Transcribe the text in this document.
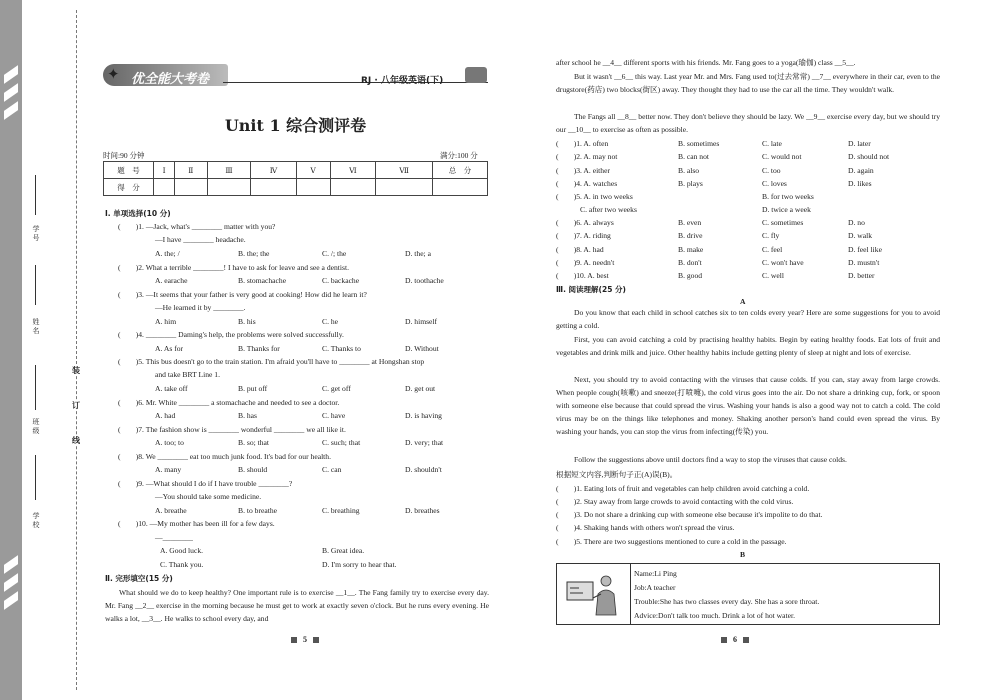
学号
姓名
班级
学校
装
订
线
✦ 优全能大考卷	RJ · 八年级英语(下)
Unit 1 综合测评卷
时间:90 分钟	满分:100 分
题　号	Ⅰ	Ⅱ	Ⅲ	Ⅳ	Ⅴ	Ⅵ	Ⅶ	总　分
得　分								
Ⅰ. 单项选择(10 分)
(　　)1. —Jack, what's ________ matter with you?
—I have ________ headache.
A. the; /	B. the; the	C. /; the	D. the; a
(　　)2. What a terrible ________! I have to ask for leave and see a dentist.
A. earache	B. stomachache	C. backache	D. toothache
(　　)3. —It seems that your father is very good at cooking! How did he learn it?
—He learned it by ________.
A. him	B. his	C. he	D. himself
(　　)4. ________ Daming's help, the problems were solved successfully.
A. As for	B. Thanks for	C. Thanks to	D. Without
(　　)5. This bus doesn't go to the train station. I'm afraid you'll have to ________ at Hongshan stop
and take BRT Line 1.
A. take off	B. put off	C. get off	D. get out
(　　)6. Mr. White ________ a stomachache and needed to see a doctor.
A. had	B. has	C. have	D. is having
(　　)7. The fashion show is ________ wonderful ________ we all like it.
A. too; to	B. so; that	C. such; that	D. very; that
(　　)8. We ________ eat too much junk food. It's bad for our health.
A. many	B. should	C. can	D. shouldn't
(　　)9. —What should I do if I have trouble ________?
—You should take some medicine.
A. breathe	B. to breathe	C. breathing	D. breathes
(　　)10. —My mother has been ill for a few days.
—________
A. Good luck.	B. Great idea.
C. Thank you.	D. I'm sorry to hear that.
Ⅱ. 完形填空(15 分)
What should we do to keep healthy? One important rule is to exercise __1__. The Fang family try to exercise every day. Mr. Fang __2__ exercise in the morning because he must get to work at exactly seven o'clock. But he runs every evening. He walks a lot, __3__. He walks to school every day, and
5
after school he __4__ different sports with his friends. Mr. Fang goes to a yoga(瑜伽) class __5__.
But it wasn't __6__ this way. Last year Mr. and Mrs. Fang used to(过去常常) __7__ everywhere in their car, even to the drugstore(药店) two blocks(街区) away. They thought they had to use the car all the time. They wouldn't walk.
The Fangs all __8__ better now. They don't believe they should be lazy. We __9__ exercise every day, but we should try our __10__ to exercise as often as possible.
(　　)1. A. often	B. sometimes	C. late	D. later
(　　)2. A. may not	B. can not	C. would not	D. should not
(　　)3. A. either	B. also	C. too	D. again
(　　)4. A. watches	B. plays	C. loves	D. likes
(　　)5. A. in two weeks	B. for two weeks
C. after two weeks	D. twice a week
(　　)6. A. always	B. even	C. sometimes	D. no
(　　)7. A. riding	B. drive	C. fly	D. walk
(　　)8. A. had	B. make	C. feel	D. feel like
(　　)9. A. needn't	B. don't	C. won't have	D. mustn't
(　　)10. A. best	B. good	C. well	D. better
Ⅲ. 阅读理解(25 分)
A
Do you know that each child in school catches six to ten colds every year? Here are some suggestions for you to avoid getting a cold.
First, you can avoid catching a cold by practising healthy habits. Begin by eating healthy foods. Eat lots of fruit and vegetables and drink milk and juice. Other healthy habits include getting plenty of sleep at night and lots of exercise.
Next, you should try to avoid contacting with the viruses that cause colds. If you can, stay away from large crowds. When people cough(咳嗽) and sneeze(打喷嚏), the cold virus goes into the air. Do not share a drinking cup, fork, or spoon with someone else because that could spread the virus. Washing your hands is also a good way not to catch a cold. The cold virus may be on the things like telephones and money. Shaking another person's hand could even spread the virus. By washing your hands, you can stop the virus from infecting(传染) you.
Follow the suggestions above until doctors find a way to stop the viruses that cause colds.
根据短文内容,判断句子正(A)误(B)。
(　　)1. Eating lots of fruit and vegetables can help children avoid catching a cold.
(　　)2. Stay away from large crowds to avoid contacting with the cold virus.
(　　)3. Do not share a drinking cup with someone else because it's impolite to do that.
(　　)4. Shaking hands with others won't spread the virus.
(　　)5. There are two suggestions mentioned to cure a cold in the passage.
B
Name:Li Ping
Job:A teacher
Trouble:She has two classes every day. She has a sore throat.
Advice:Don't talk too much. Drink a lot of hot water.
6
